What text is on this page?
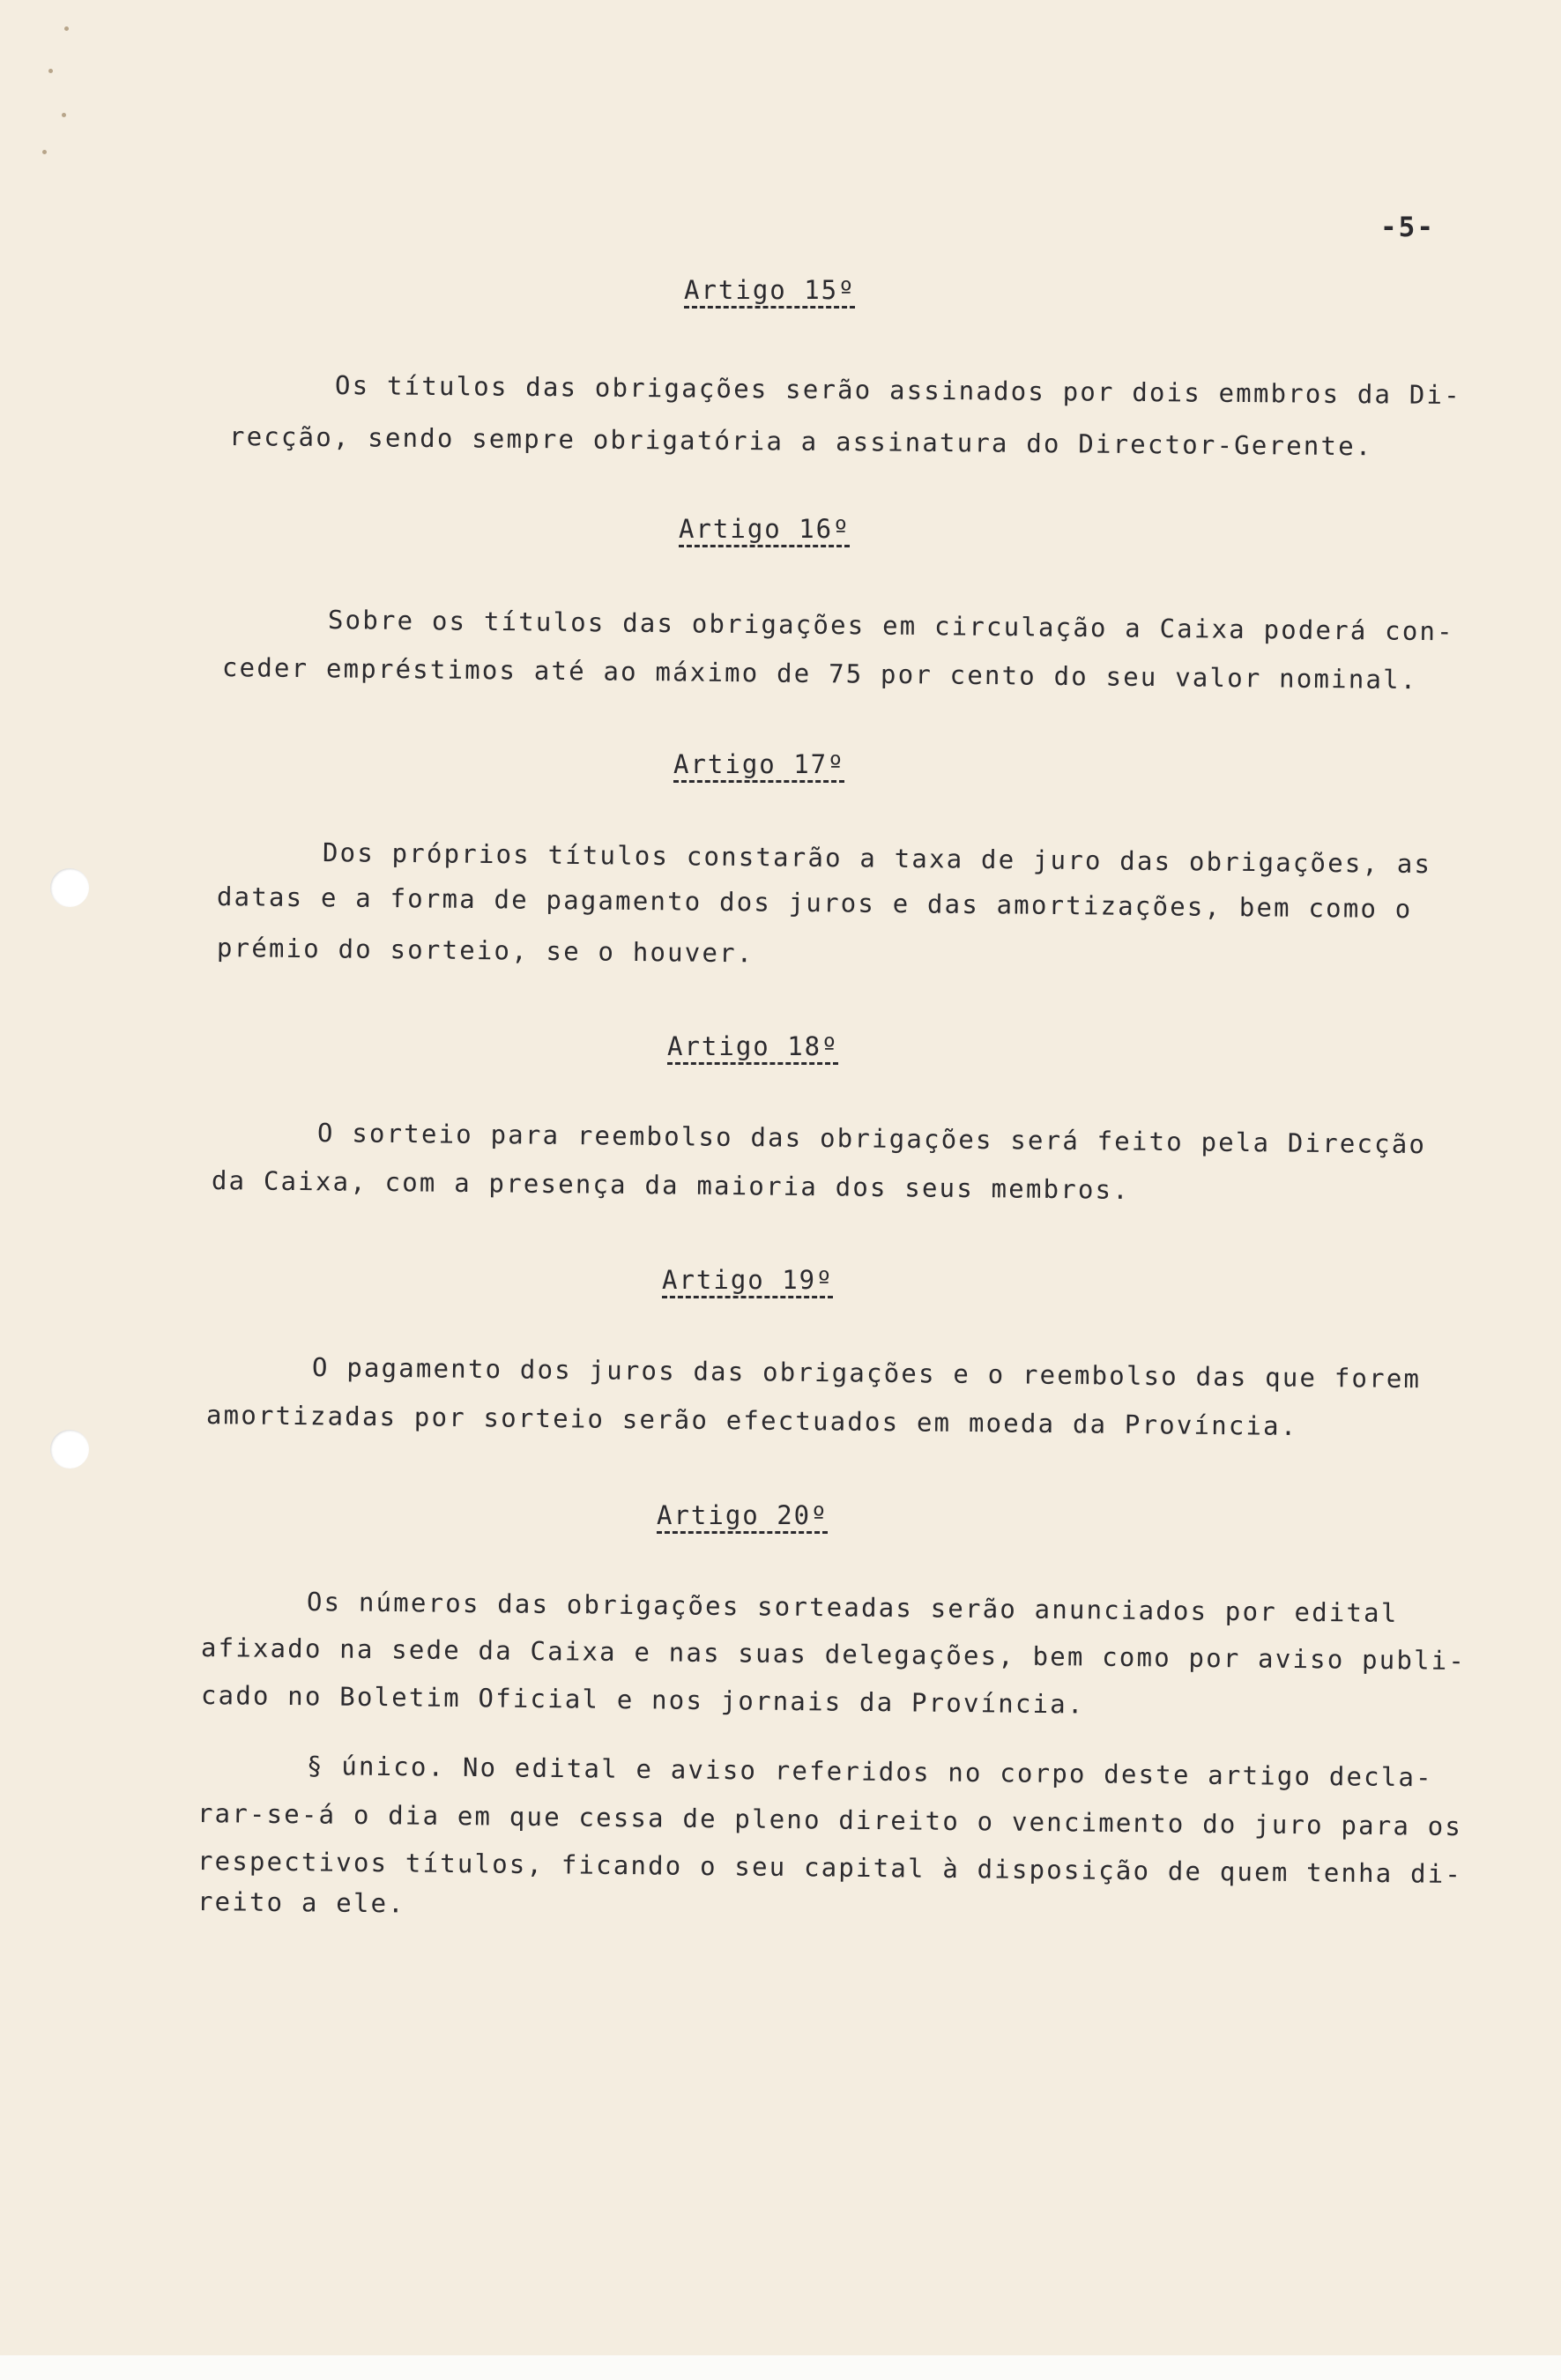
-5-
Artigo 15º
Os títulos das obrigações serão assinados por dois emmbros da Di-
recção, sendo sempre obrigatória a assinatura do Director-Gerente.
Artigo 16º
Sobre os títulos das obrigações em circulação a Caixa poderá con-
ceder empréstimos até ao máximo de 75 por cento do seu valor nominal.
Artigo 17º
Dos próprios títulos constarão a taxa de juro das obrigações, as
datas e a forma de pagamento dos juros e das amortizações, bem como o
prémio do sorteio, se o houver.
Artigo 18º
O sorteio para reembolso das obrigações será feito pela Direcção
da Caixa, com a presença da maioria dos seus membros.
Artigo 19º
O pagamento dos juros das obrigações e o reembolso das que forem
amortizadas por sorteio serão efectuados em moeda da Província.
Artigo 20º
Os números das obrigações sorteadas serão anunciados por edital
afixado na sede da Caixa e nas suas delegações, bem como por aviso publi-
cado no Boletim Oficial e nos jornais da Província.
§ único. No edital e aviso referidos no corpo deste artigo decla-
rar-se-á o dia em que cessa de pleno direito o vencimento do juro para os
respectivos títulos, ficando o seu capital à disposição de quem tenha di-
reito a ele.
